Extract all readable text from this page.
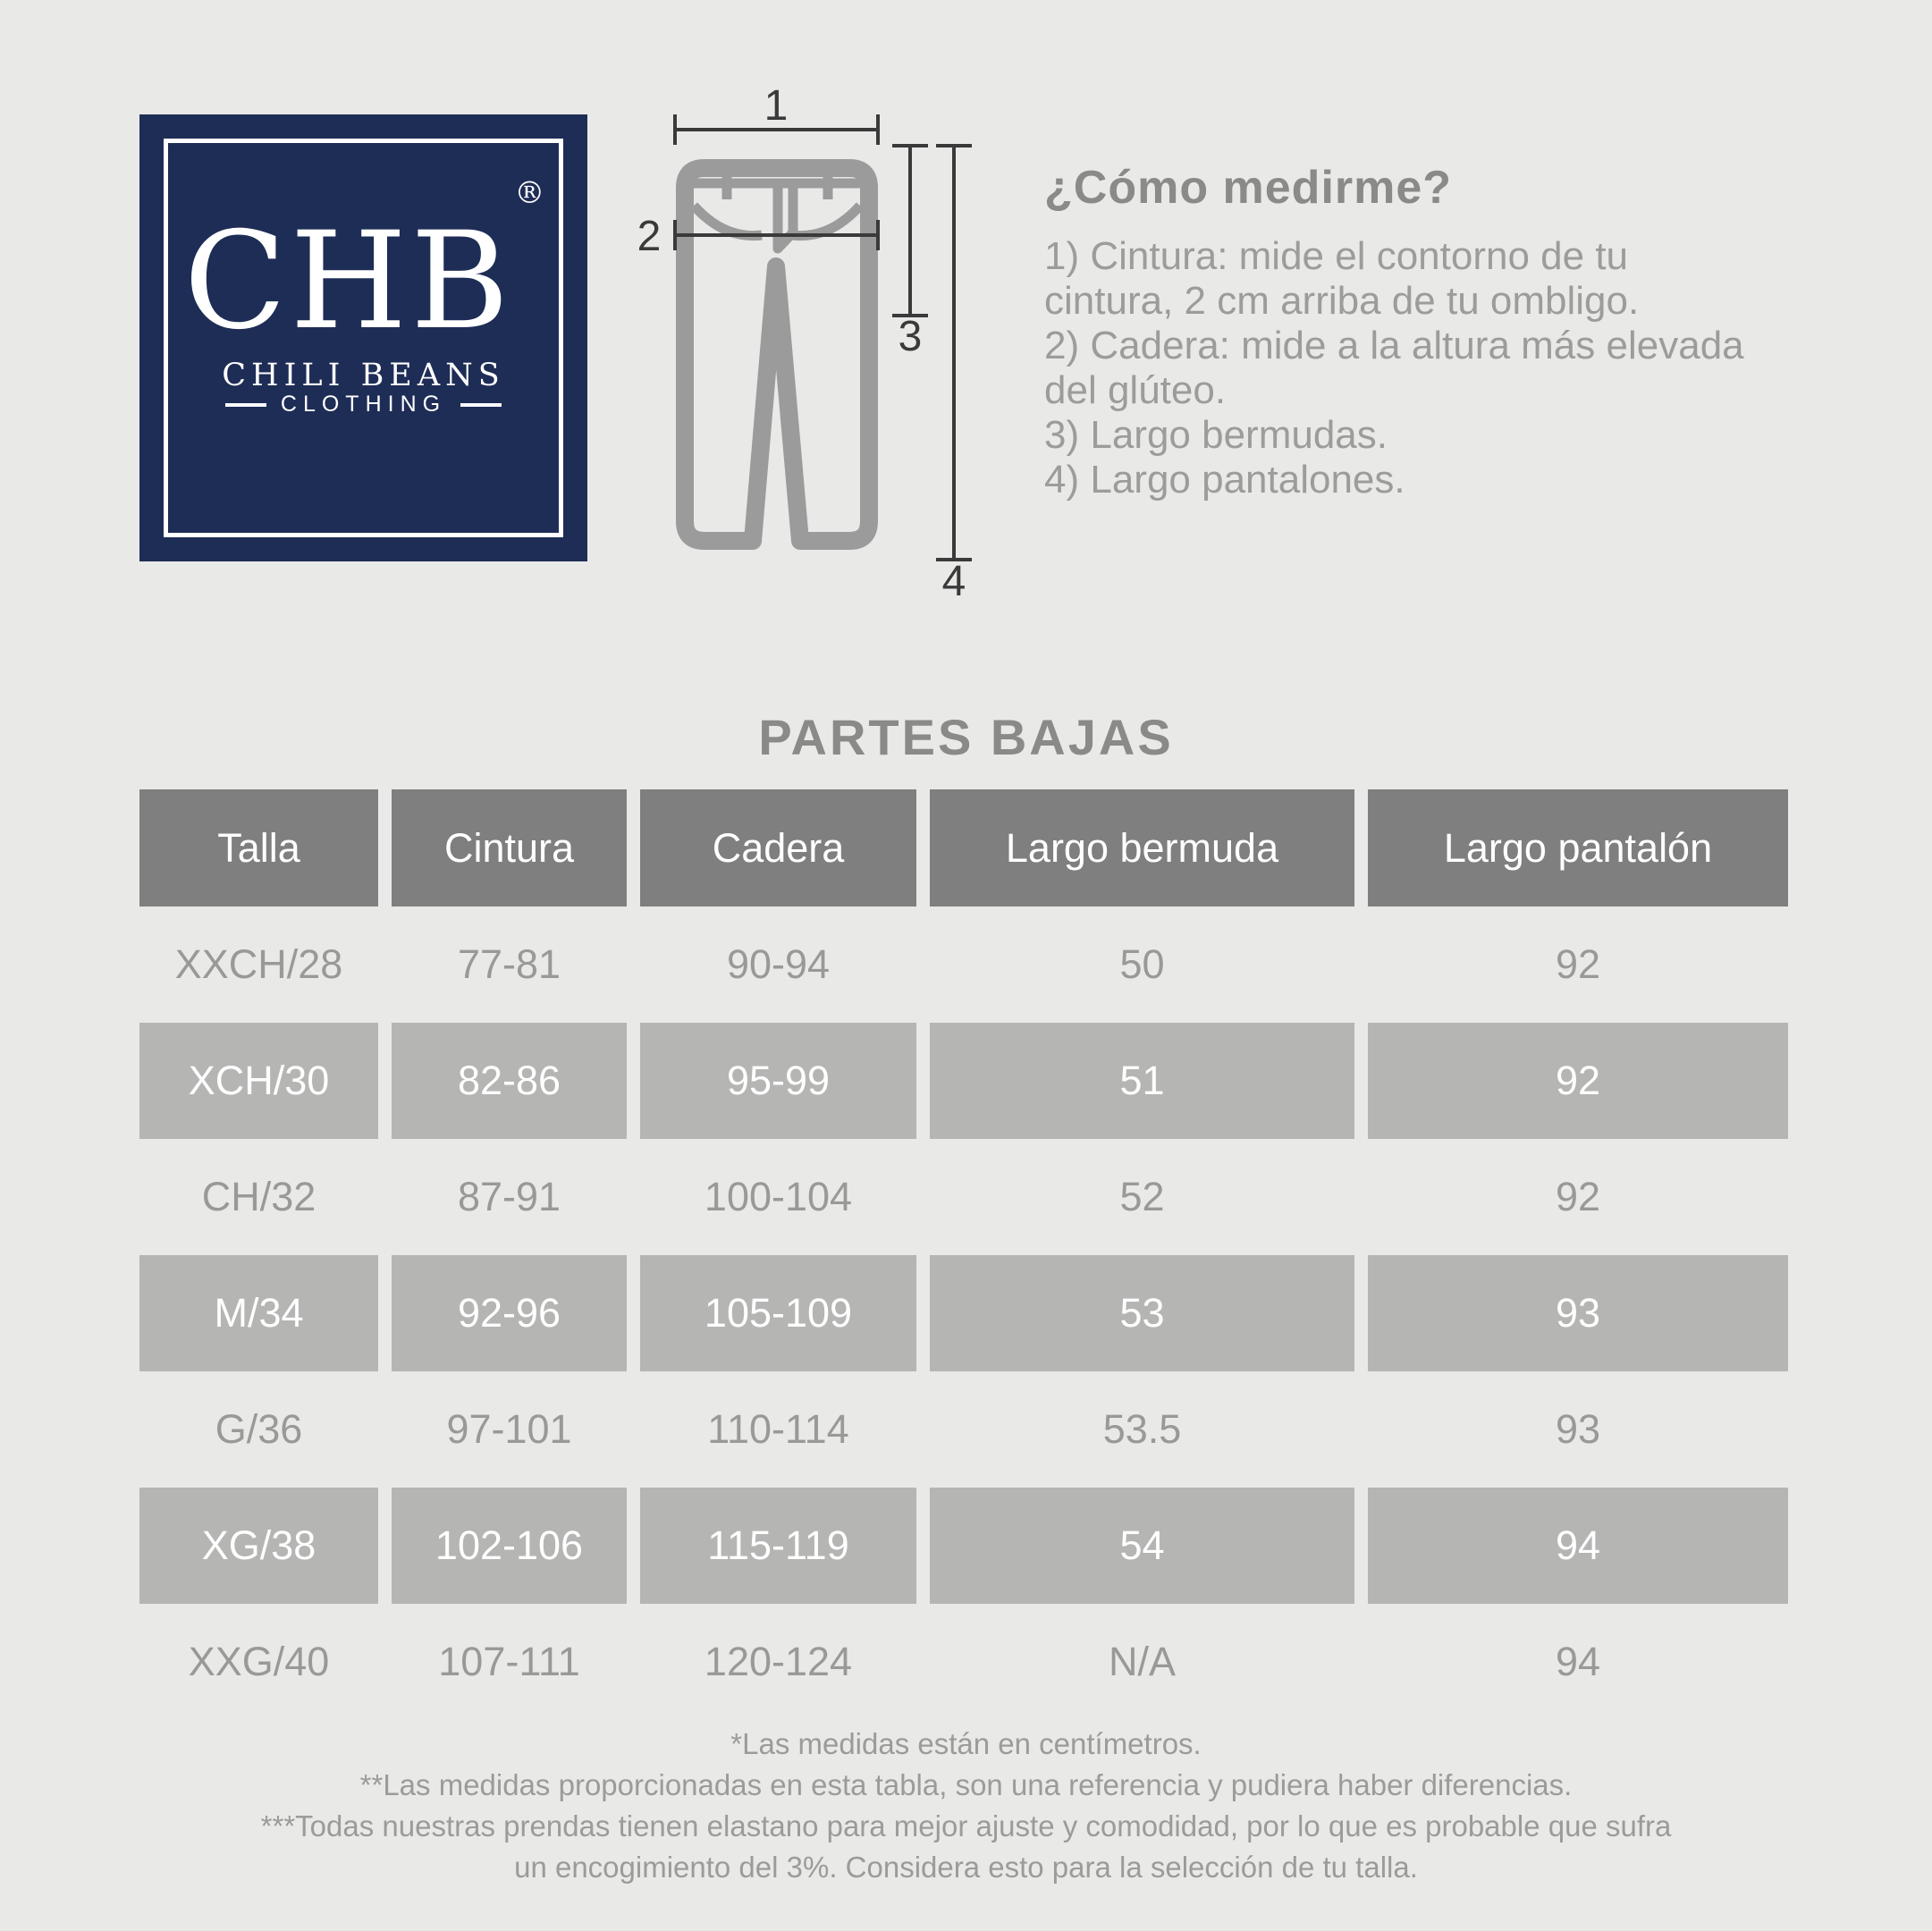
CHB®
CHILI BEANS
CLOTHING
1
2
3
4
¿Cómo medirme?
1) Cintura: mide el contorno de tu
cintura, 2 cm arriba de tu ombligo.
2) Cadera: mide a la altura más elevada
del glúteo.
3) Largo bermudas.
4) Largo pantalones.
PARTES BAJAS
Talla	Cintura	Cadera	Largo bermuda	Largo pantalón
XXCH/28	77-81	90-94	50	92
XCH/30	82-86	95-99	51	92
CH/32	87-91	100-104	52	92
M/34	92-96	105-109	53	93
G/36	97-101	110-114	53.5	93
XG/38	102-106	115-119	54	94
XXG/40	107-111	120-124	N/A	94
*Las medidas están en centímetros.
**Las medidas proporcionadas en esta tabla, son una referencia y pudiera haber diferencias.
***Todas nuestras prendas tienen elastano para mejor ajuste y comodidad, por lo que es probable que sufra
un encogimiento del 3%. Considera esto para la selección de tu talla.
